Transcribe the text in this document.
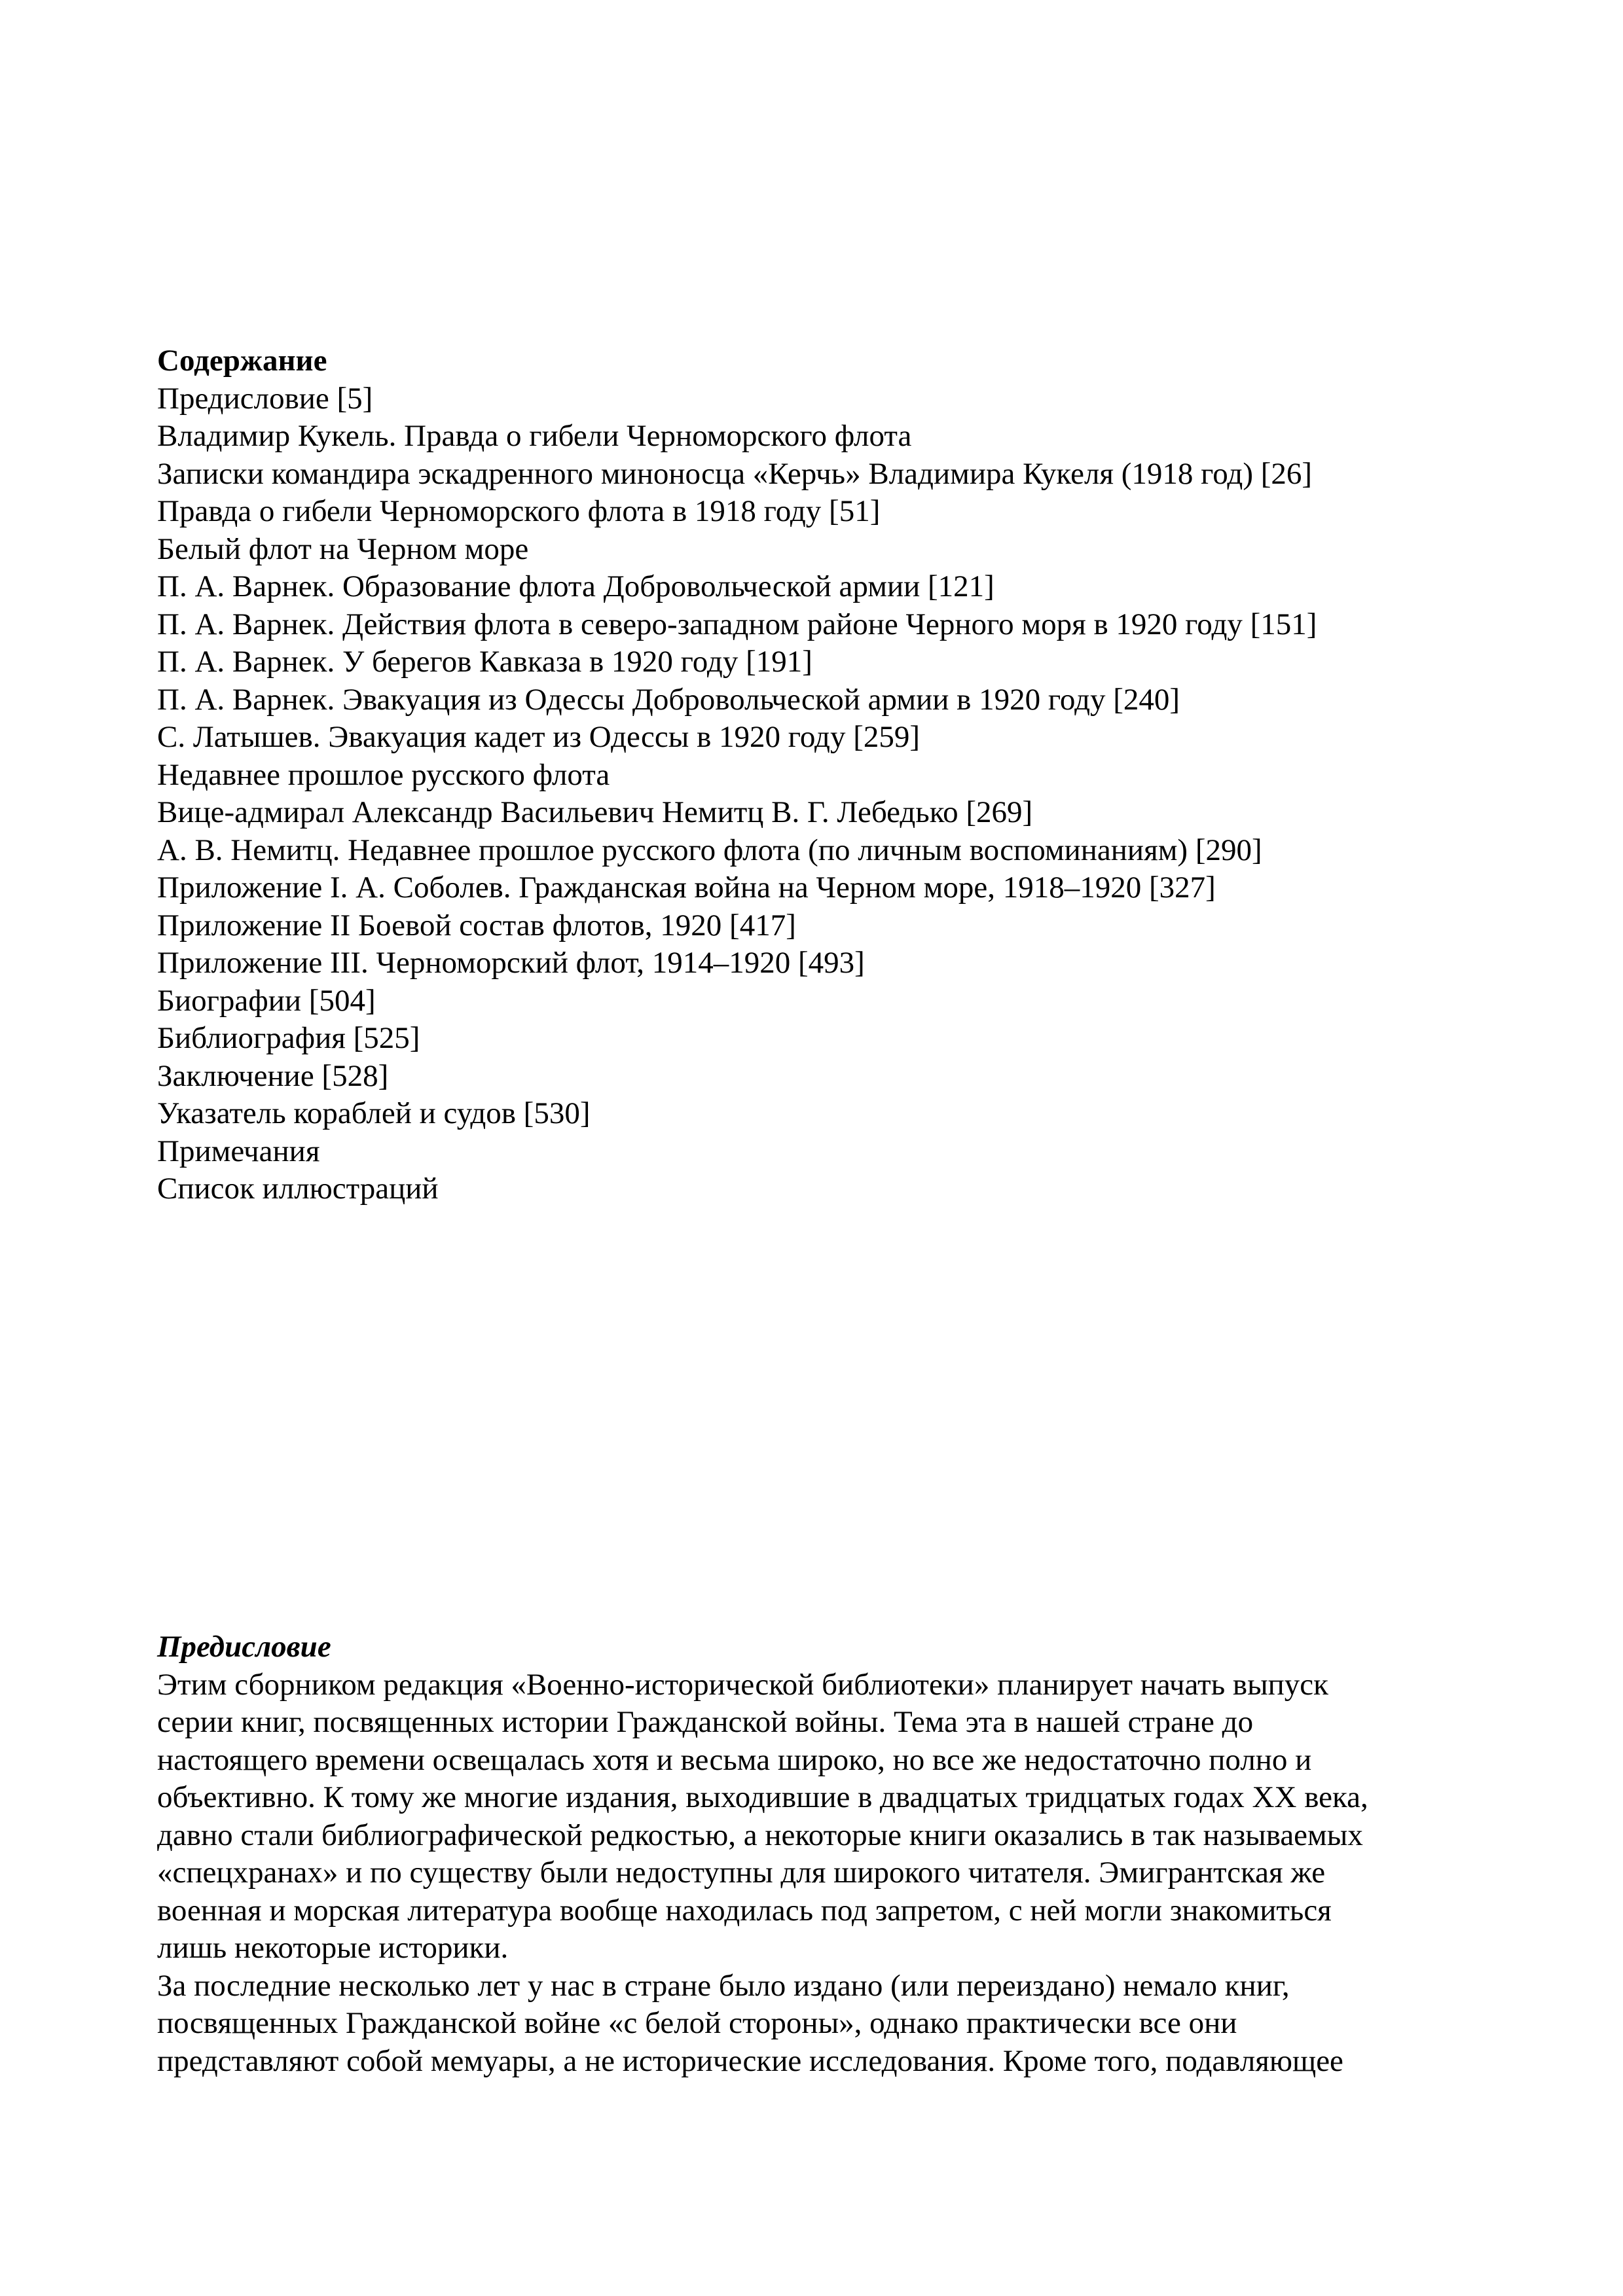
Содержание
Предисловие [5]
Владимир Кукель. Правда о гибели Черноморского флота
Записки командира эскадренного миноносца «Керчь» Владимира Кукеля (1918 год) [26]
Правда о гибели Черноморского флота в 1918 году [51]
Белый флот на Черном море
П. А. Варнек. Образование флота Добровольческой армии [121]
П. А. Варнек. Действия флота в северо-западном районе Черного моря в 1920 году [151]
П. А. Варнек. У берегов Кавказа в 1920 году [191]
П. А. Варнек. Эвакуация из Одессы Добровольческой армии в 1920 году [240]
С. Латышев. Эвакуация кадет из Одессы в 1920 году [259]
Недавнее прошлое русского флота
Вице-адмирал Александр Васильевич Немитц В. Г. Лебедько [269]
А. В. Немитц. Недавнее прошлое русского флота (по личным воспоминаниям) [290]
Приложение I. А. Соболев. Гражданская война на Черном море, 1918–1920 [327]
Приложение II Боевой состав флотов, 1920 [417]
Приложение III. Черноморский флот, 1914–1920 [493]
Биографии [504]
Библиография [525]
Заключение [528]
Указатель кораблей и судов [530]
Примечания
Список иллюстраций
Предисловие
Этим сборником редакция «Военно-исторической библиотеки» планирует начать выпуск
серии книг, посвященных истории Гражданской войны. Тема эта в нашей стране до
настоящего времени освещалась хотя и весьма широко, но все же недостаточно полно и
объективно. К тому же многие издания, выходившие в двадцатых тридцатых годах XX века,
давно стали библиографической редкостью, а некоторые книги оказались в так называемых
«спецхранах» и по существу были недоступны для широкого читателя. Эмигрантская же
военная и морская литература вообще находилась под запретом, с ней могли знакомиться
лишь некоторые историки.
За последние несколько лет у нас в стране было издано (или переиздано) немало книг,
посвященных Гражданской войне «с белой стороны», однако практически все они
представляют собой мемуары, а не исторические исследования. Кроме того, подавляющее
